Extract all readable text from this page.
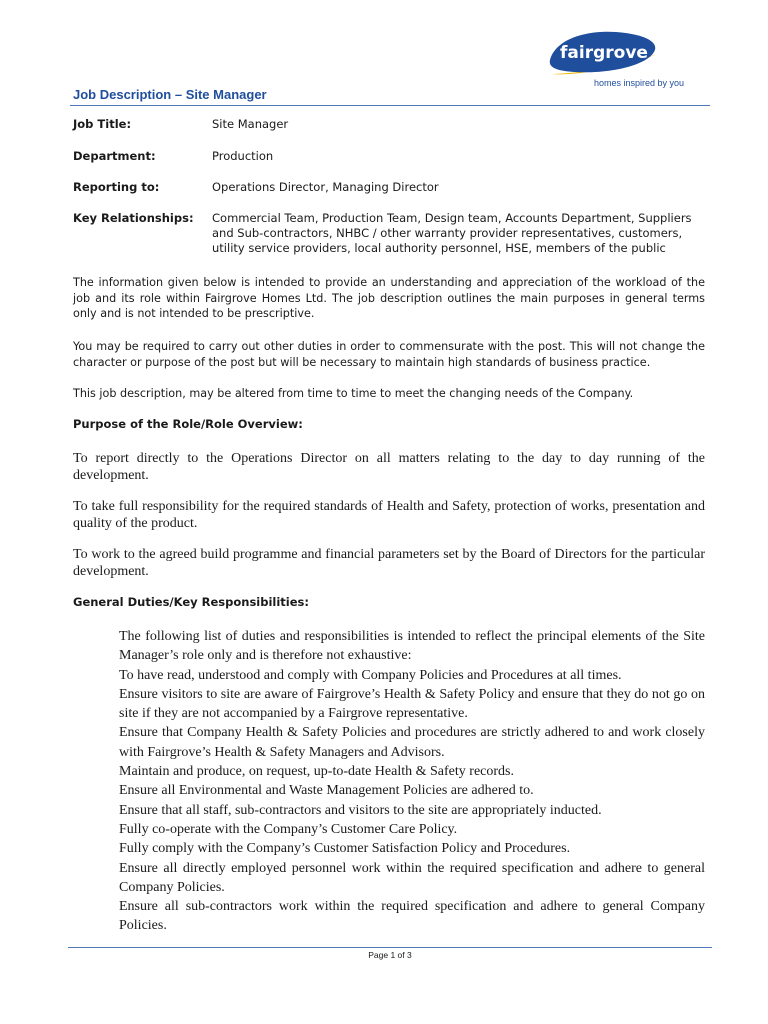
fairgrove
homes inspired by you
Job Description – Site Manager
Job Title:	Site Manager
Department:	Production
Reporting to:	Operations Director, Managing Director
Key Relationships:	Commercial Team, Production Team, Design team, Accounts Department, Suppliers and Sub-contractors, NHBC / other warranty provider representatives, customers, utility service providers, local authority personnel, HSE, members of the public

The information given below is intended to provide an understanding and appreciation of the workload of the job and its role within Fairgrove Homes Ltd. The job description outlines the main purposes in general terms only and is not intended to be prescriptive.

You may be required to carry out other duties in order to commensurate with the post. This will not change the character or purpose of the post but will be necessary to maintain high standards of business practice.

This job description, may be altered from time to time to meet the changing needs of the Company.

Purpose of the Role/Role Overview:

To report directly to the Operations Director on all matters relating to the day to day running of the development.

To take full responsibility for the required standards of Health and Safety, protection of works, presentation and quality of the product.

To work to the agreed build programme and financial parameters set by the Board of Directors for the particular development.

General Duties/Key Responsibilities:

The following list of duties and responsibilities is intended to reflect the principal elements of the Site Manager’s role only and is therefore not exhaustive:
To have read, understood and comply with Company Policies and Procedures at all times.
Ensure visitors to site are aware of Fairgrove’s Health & Safety Policy and ensure that they do not go on site if they are not accompanied by a Fairgrove representative.
Ensure that Company Health & Safety Policies and procedures are strictly adhered to and work closely with Fairgrove’s Health & Safety Managers and Advisors.
Maintain and produce, on request, up-to-date Health & Safety records.
Ensure all Environmental and Waste Management Policies are adhered to.
Ensure that all staff, sub-contractors and visitors to the site are appropriately inducted.
Fully co-operate with the Company’s Customer Care Policy.
Fully comply with the Company’s Customer Satisfaction Policy and Procedures.
Ensure all directly employed personnel work within the required specification and adhere to general Company Policies.
Ensure all sub-contractors work within the required specification and adhere to general Company Policies.
Page 1 of 3
